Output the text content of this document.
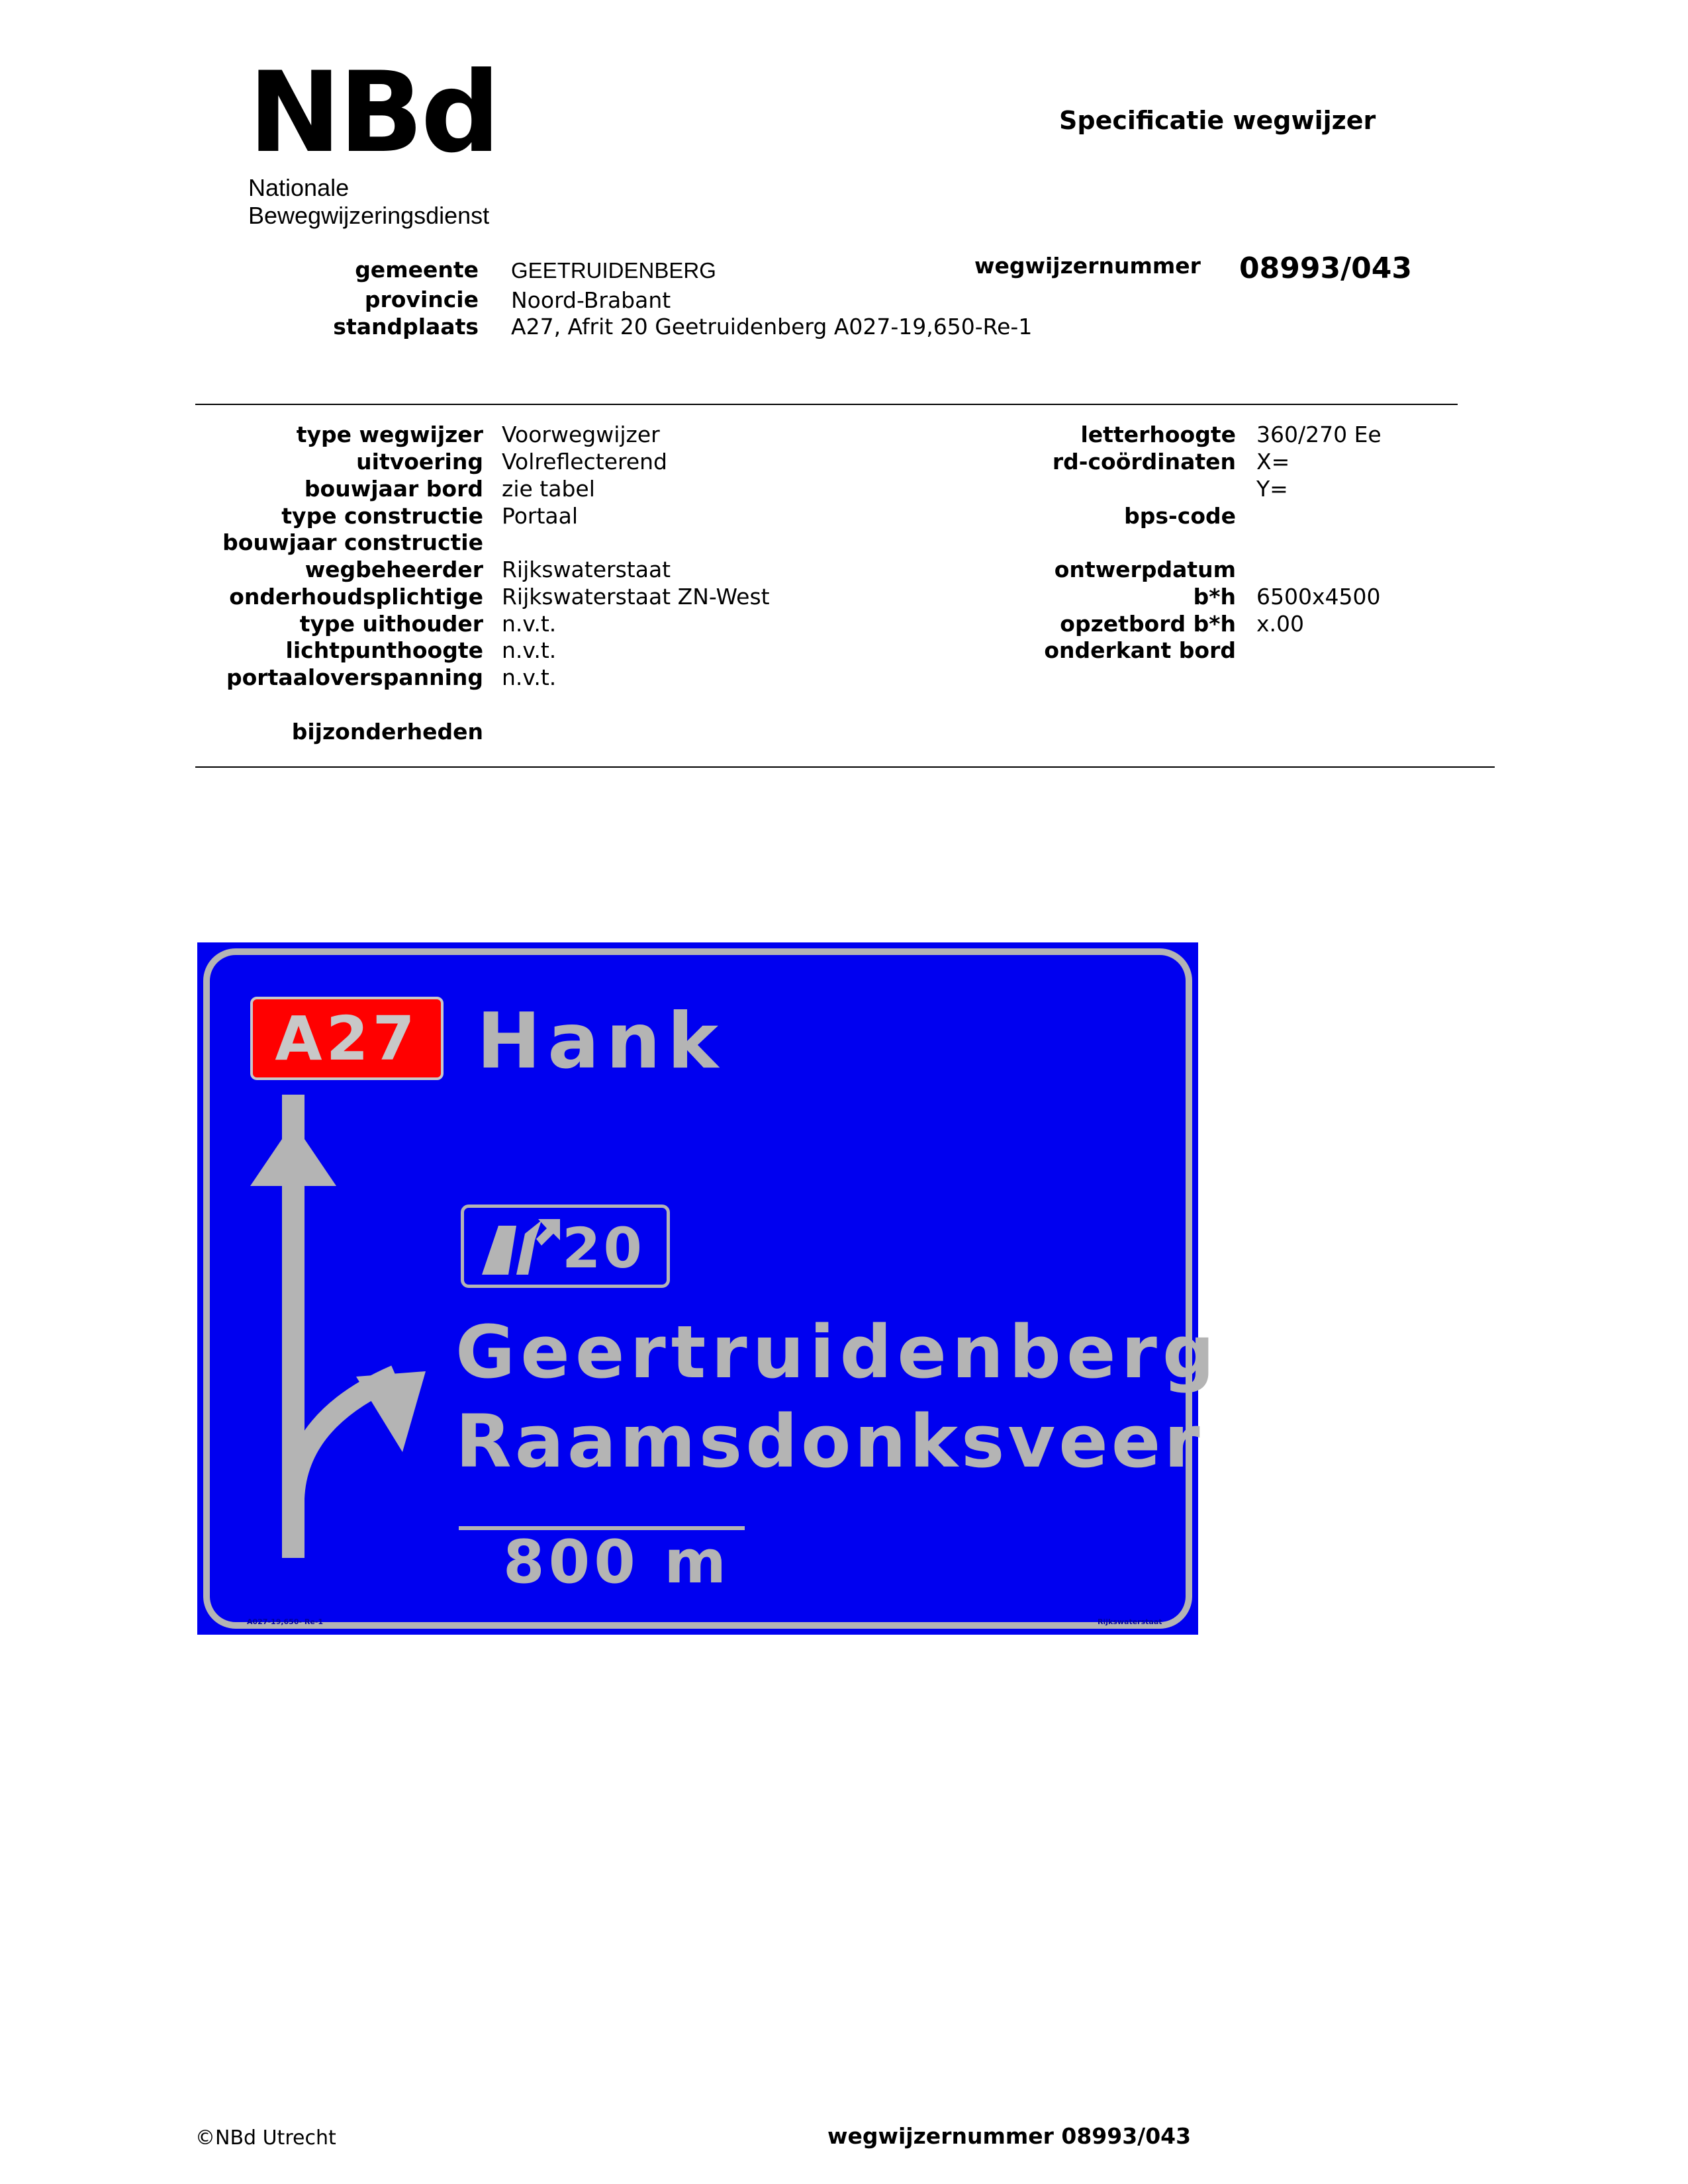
NBd
Nationale
Bewegwijzeringsdienst
Specificatie wegwijzer
gemeente GEETRUIDENBERG
provincie Noord-Brabant
standplaats A27, Afrit 20 Geetruidenberg A027-19,650-Re-1
wegwijzernummer 08993/043
type wegwijzer Voorwegwijzer
uitvoering Volreflecterend
bouwjaar bord zie tabel
type constructie Portaal
bouwjaar constructie
wegbeheerder Rijkswaterstaat
onderhoudsplichtige Rijkswaterstaat ZN-West
type uithouder n.v.t.
lichtpunthoogte n.v.t.
portaaloverspanning n.v.t.
bijzonderheden
letterhoogte 360/270 Ee
rd-coördinaten X=
Y=
bps-code
ontwerpdatum
b*h 6500x4500
opzetbord b*h x.00
onderkant bord
A27 Hank
20
Geertruidenberg
Raamsdonksveer
800 m
A027-19,650- Re-1	Rijkswaterstaat
©NBd Utrecht	wegwijzernummer 08993/043
